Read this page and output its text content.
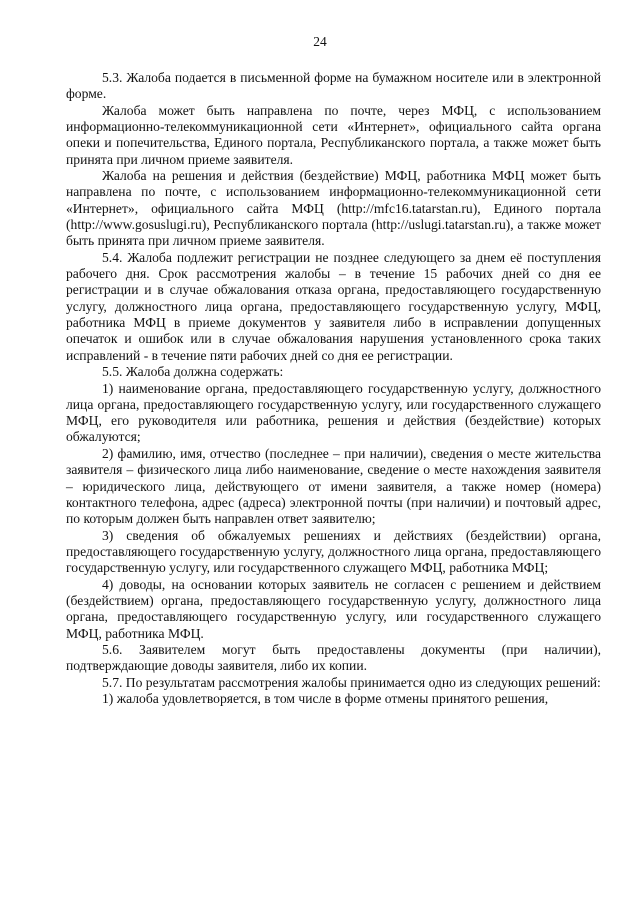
24

5.3. Жалоба подается в письменной форме на бумажном носителе или в электронной форме.

Жалоба может быть направлена по почте, через МФЦ, с использованием информационно-телекоммуникационной сети «Интернет», официального сайта органа опеки и попечительства, Единого портала, Республиканского портала, а также может быть принята при личном приеме заявителя.

Жалоба на решения и действия (бездействие) МФЦ, работника МФЦ может быть направлена по почте, с использованием информационно-телекоммуникационной сети «Интернет», официального сайта МФЦ (http://mfc16.tatarstan.ru), Единого портала (http://www.gosuslugi.ru), Республиканского портала (http://uslugi.tatarstan.ru), а также может быть принята при личном приеме заявителя.

5.4. Жалоба подлежит регистрации не позднее следующего за днем её поступления рабочего дня. Срок рассмотрения жалобы – в течение 15 рабочих дней со дня ее регистрации и в случае обжалования отказа органа, предоставляющего государственную услугу, должностного лица органа, предоставляющего государственную услугу, МФЦ, работника МФЦ в приеме документов у заявителя либо в исправлении допущенных опечаток и ошибок или в случае обжалования нарушения установленного срока таких исправлений - в течение пяти рабочих дней со дня ее регистрации.

5.5. Жалоба должна содержать:

1) наименование органа, предоставляющего государственную услугу, должностного лица органа, предоставляющего государственную услугу, или государственного служащего МФЦ, его руководителя или работника, решения и действия (бездействие) которых обжалуются;

2) фамилию, имя, отчество (последнее – при наличии), сведения о месте жительства заявителя – физического лица либо наименование, сведение о месте нахождения заявителя – юридического лица, действующего от имени заявителя, а также номер (номера) контактного телефона, адрес (адреса) электронной почты (при наличии) и почтовый адрес, по которым должен быть направлен ответ заявителю;

3) сведения об обжалуемых решениях и действиях (бездействии) органа, предоставляющего государственную услугу, должностного лица органа, предоставляющего государственную услугу, или государственного служащего МФЦ, работника МФЦ;

4) доводы, на основании которых заявитель не согласен с решением и действием (бездействием) органа, предоставляющего государственную услугу, должностного лица органа, предоставляющего государственную услугу, или государственного служащего МФЦ, работника МФЦ.

5.6. Заявителем могут быть предоставлены документы (при наличии), подтверждающие доводы заявителя, либо их копии.

5.7. По результатам рассмотрения жалобы принимается одно из следующих решений:

1) жалоба удовлетворяется, в том числе в форме отмены принятого решения,
